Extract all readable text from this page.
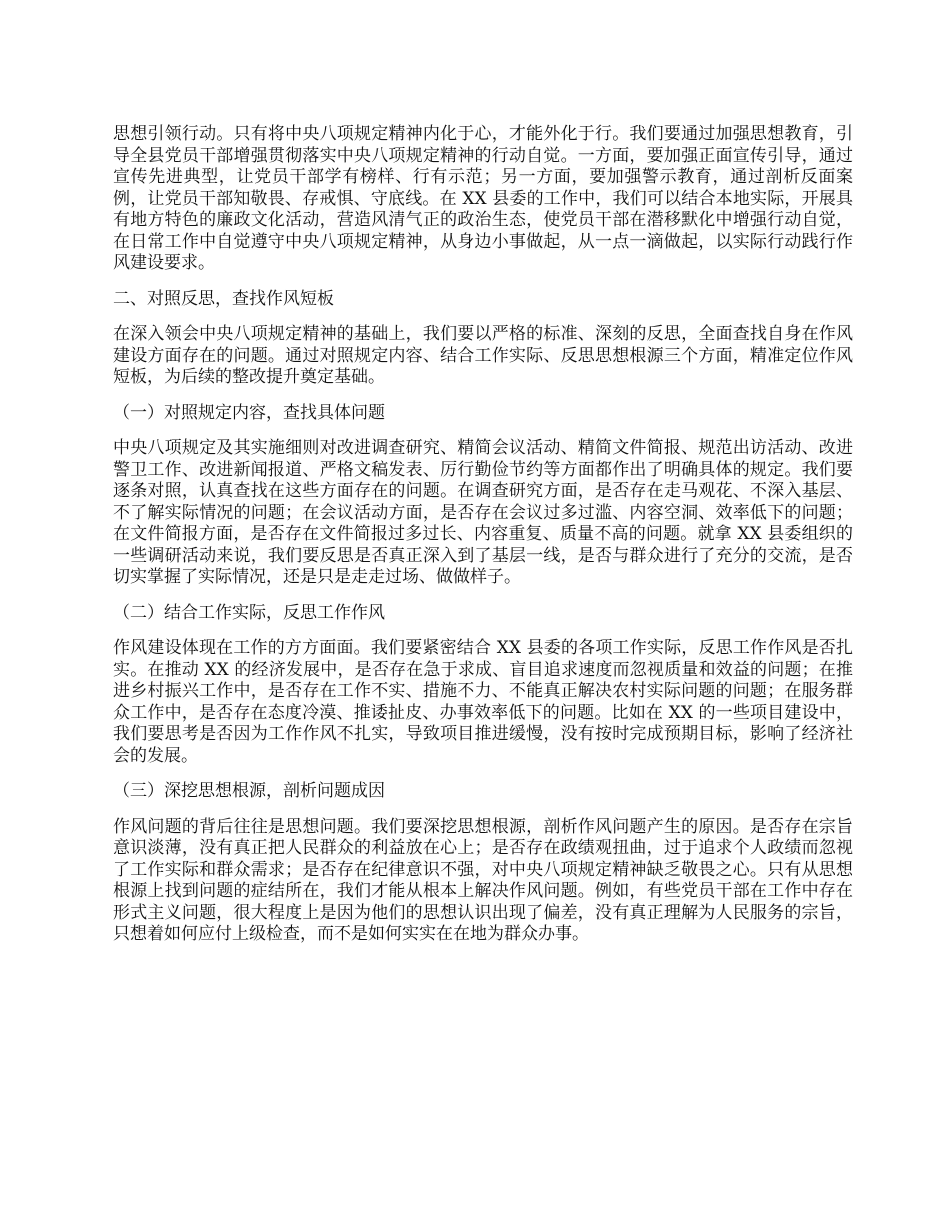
思想引领行动。只有将中央八项规定精神内化于心，才能外化于行。我们要通过加强思想教育，引导全县党员干部增强贯彻落实中央八项规定精神的行动自觉。一方面，要加强正面宣传引导，通过宣传先进典型，让党员干部学有榜样、行有示范；另一方面，要加强警示教育，通过剖析反面案例，让党员干部知敬畏、存戒惧、守底线。在 XX 县委的工作中，我们可以结合本地实际，开展具有地方特色的廉政文化活动，营造风清气正的政治生态，使党员干部在潜移默化中增强行动自觉，在日常工作中自觉遵守中央八项规定精神，从身边小事做起，从一点一滴做起，以实际行动践行作风建设要求。

二、对照反思，查找作风短板

在深入领会中央八项规定精神的基础上，我们要以严格的标准、深刻的反思，全面查找自身在作风建设方面存在的问题。通过对照规定内容、结合工作实际、反思思想根源三个方面，精准定位作风短板，为后续的整改提升奠定基础。

（一）对照规定内容，查找具体问题

中央八项规定及其实施细则对改进调查研究、精简会议活动、精简文件简报、规范出访活动、改进警卫工作、改进新闻报道、严格文稿发表、厉行勤俭节约等方面都作出了明确具体的规定。我们要逐条对照，认真查找在这些方面存在的问题。在调查研究方面，是否存在走马观花、不深入基层、不了解实际情况的问题；在会议活动方面，是否存在会议过多过滥、内容空洞、效率低下的问题；在文件简报方面，是否存在文件简报过多过长、内容重复、质量不高的问题。就拿 XX 县委组织的一些调研活动来说，我们要反思是否真正深入到了基层一线，是否与群众进行了充分的交流，是否切实掌握了实际情况，还是只是走走过场、做做样子。

（二）结合工作实际，反思工作作风

作风建设体现在工作的方方面面。我们要紧密结合 XX 县委的各项工作实际，反思工作作风是否扎实。在推动 XX 的经济发展中，是否存在急于求成、盲目追求速度而忽视质量和效益的问题；在推进乡村振兴工作中，是否存在工作不实、措施不力、不能真正解决农村实际问题的问题；在服务群众工作中，是否存在态度冷漠、推诿扯皮、办事效率低下的问题。比如在 XX 的一些项目建设中，我们要思考是否因为工作作风不扎实，导致项目推进缓慢，没有按时完成预期目标，影响了经济社会的发展。

（三）深挖思想根源，剖析问题成因

作风问题的背后往往是思想问题。我们要深挖思想根源，剖析作风问题产生的原因。是否存在宗旨意识淡薄，没有真正把人民群众的利益放在心上；是否存在政绩观扭曲，过于追求个人政绩而忽视了工作实际和群众需求；是否存在纪律意识不强，对中央八项规定精神缺乏敬畏之心。只有从思想根源上找到问题的症结所在，我们才能从根本上解决作风问题。例如，有些党员干部在工作中存在形式主义问题，很大程度上是因为他们的思想认识出现了偏差，没有真正理解为人民服务的宗旨，只想着如何应付上级检查，而不是如何实实在在地为群众办事。
